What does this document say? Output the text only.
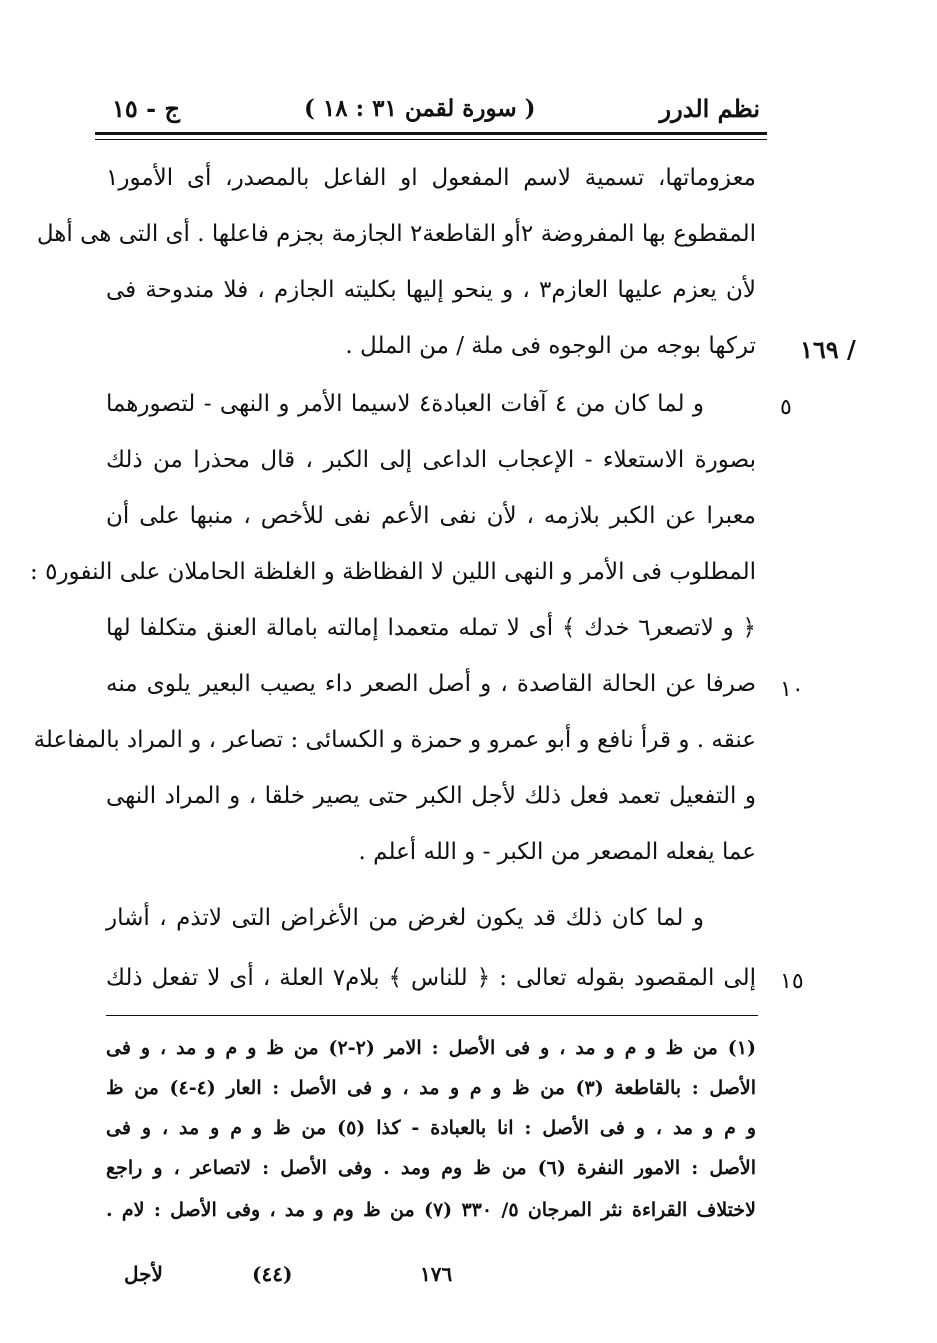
نظم الدرر
( سورة لقمن ٣١ : ١٨ )
ج - ١٥
معزوماتها، تسمية لاسم المفعول او الفاعل بالمصدر، أى الأمور١
المقطوع بها المفروضة ٢أو القاطعة٢ الجازمة بجزم فاعلها . أى التى هى أهل
لأن يعزم عليها العازم٣ ، و ينحو إليها بكليته الجازم ، فلا مندوحة فى
تركها بوجه من الوجوه فى ملة / من الملل . / ١٦٩
و لما كان من ٤ آفات العبادة٤ لاسيما الأمر و النهى - لتصورهما	٥
بصورة الاستعلاء - الإعجاب الداعى إلى الكبر ، قال محذرا من ذلك
معبرا عن الكبر بلازمه ، لأن نفى الأعم نفى للأخص ، منبها على أن
المطلوب فى الأمر و النهى اللين لا الفظاظة و الغلظة الحاملان على النفور٥ :
﴿ و لاتصعر٦ خدك ﴾ أى لا تمله متعمدا إمالته بامالة العنق متكلفا لها
صرفا عن الحالة القاصدة ، و أصل الصعر داء يصيب البعير يلوى منه ١٠
عنقه . و قرأ نافع و أبو عمرو و حمزة و الكسائى : تصاعر ، و المراد بالمفاعلة
و التفعيل تعمد فعل ذلك لأجل الكبر حتى يصير خلقا ، و المراد النهى
عما يفعله المصعر من الكبر - و الله أعلم .
و لما كان ذلك قد يكون لغرض من الأغراض التى لاتذم ، أشار
إلى المقصود بقوله تعالى : ﴿ للناس ﴾ بلام٧ العلة ، أى لا تفعل ذلك ١٥
(١) من ظ و م و مد ، و فى الأصل : الامر (٢-٢) من ظ و م و مد ، و فى
الأصل : بالقاطعة (٣) من ظ و م و مد ، و فى الأصل : العار (٤-٤) من ظ
و م و مد ، و فى الأصل : انا بالعبادة - كذا (٥) من ظ و م و مد ، و فى
الأصل : الامور النفرة (٦) من ظ وم ومد . وفى الأصل : لاتصاعر ، و راجع
لاختلاف القراءة نثر المرجان ٥/ ٣٣٠ (٧) من ظ وم و مد ، وفى الأصل : لام .
لأجل	(٤٤)	١٧٦
